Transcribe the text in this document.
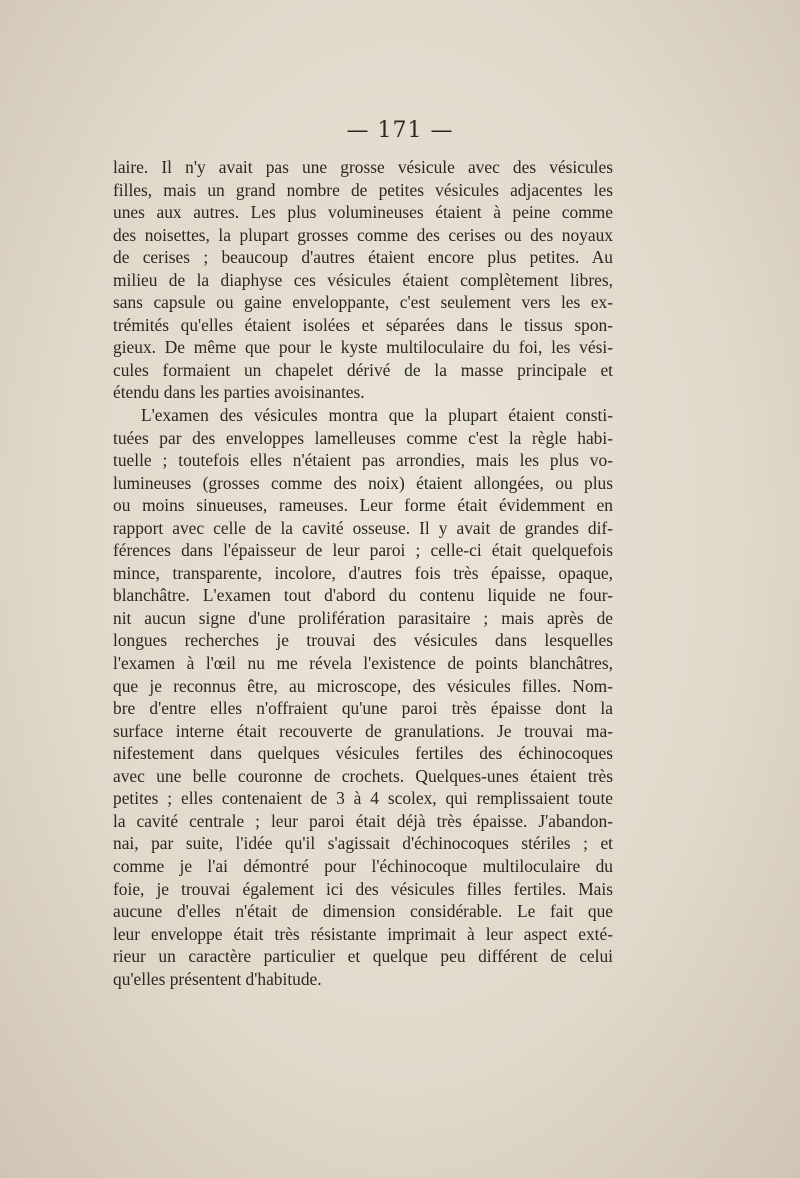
— 171 —
laire. Il n'y avait pas une grosse vésicule avec des vésicules
filles, mais un grand nombre de petites vésicules adjacentes les
unes aux autres. Les plus volumineuses étaient à peine comme
des noisettes, la plupart grosses comme des cerises ou des noyaux
de cerises ; beaucoup d'autres étaient encore plus petites. Au
milieu de la diaphyse ces vésicules étaient complètement libres,
sans capsule ou gaine enveloppante, c'est seulement vers les ex-
trémités qu'elles étaient isolées et séparées dans le tissus spon-
gieux. De même que pour le kyste multiloculaire du foi, les vési-
cules formaient un chapelet dérivé de la masse principale et
étendu dans les parties avoisinantes.
L'examen des vésicules montra que la plupart étaient consti-
tuées par des enveloppes lamelleuses comme c'est la règle habi-
tuelle ; toutefois elles n'étaient pas arrondies, mais les plus vo-
lumineuses (grosses comme des noix) étaient allongées, ou plus
ou moins sinueuses, rameuses. Leur forme était évidemment en
rapport avec celle de la cavité osseuse. Il y avait de grandes dif-
férences dans l'épaisseur de leur paroi ; celle-ci était quelquefois
mince, transparente, incolore, d'autres fois très épaisse, opaque,
blanchâtre. L'examen tout d'abord du contenu liquide ne four-
nit aucun signe d'une prolifération parasitaire ; mais après de
longues recherches je trouvai des vésicules dans lesquelles
l'examen à l'œil nu me révela l'existence de points blanchâtres,
que je reconnus être, au microscope, des vésicules filles. Nom-
bre d'entre elles n'offraient qu'une paroi très épaisse dont la
surface interne était recouverte de granulations. Je trouvai ma-
nifestement dans quelques vésicules fertiles des échinocoques
avec une belle couronne de crochets. Quelques-unes étaient très
petites ; elles contenaient de 3 à 4 scolex, qui remplissaient toute
la cavité centrale ; leur paroi était déjà très épaisse. J'abandon-
nai, par suite, l'idée qu'il s'agissait d'échinocoques stériles ; et
comme je l'ai démontré pour l'échinocoque multiloculaire du
foie, je trouvai également ici des vésicules filles fertiles. Mais
aucune d'elles n'était de dimension considérable. Le fait que
leur enveloppe était très résistante imprimait à leur aspect exté-
rieur un caractère particulier et quelque peu différent de celui
qu'elles présentent d'habitude.
